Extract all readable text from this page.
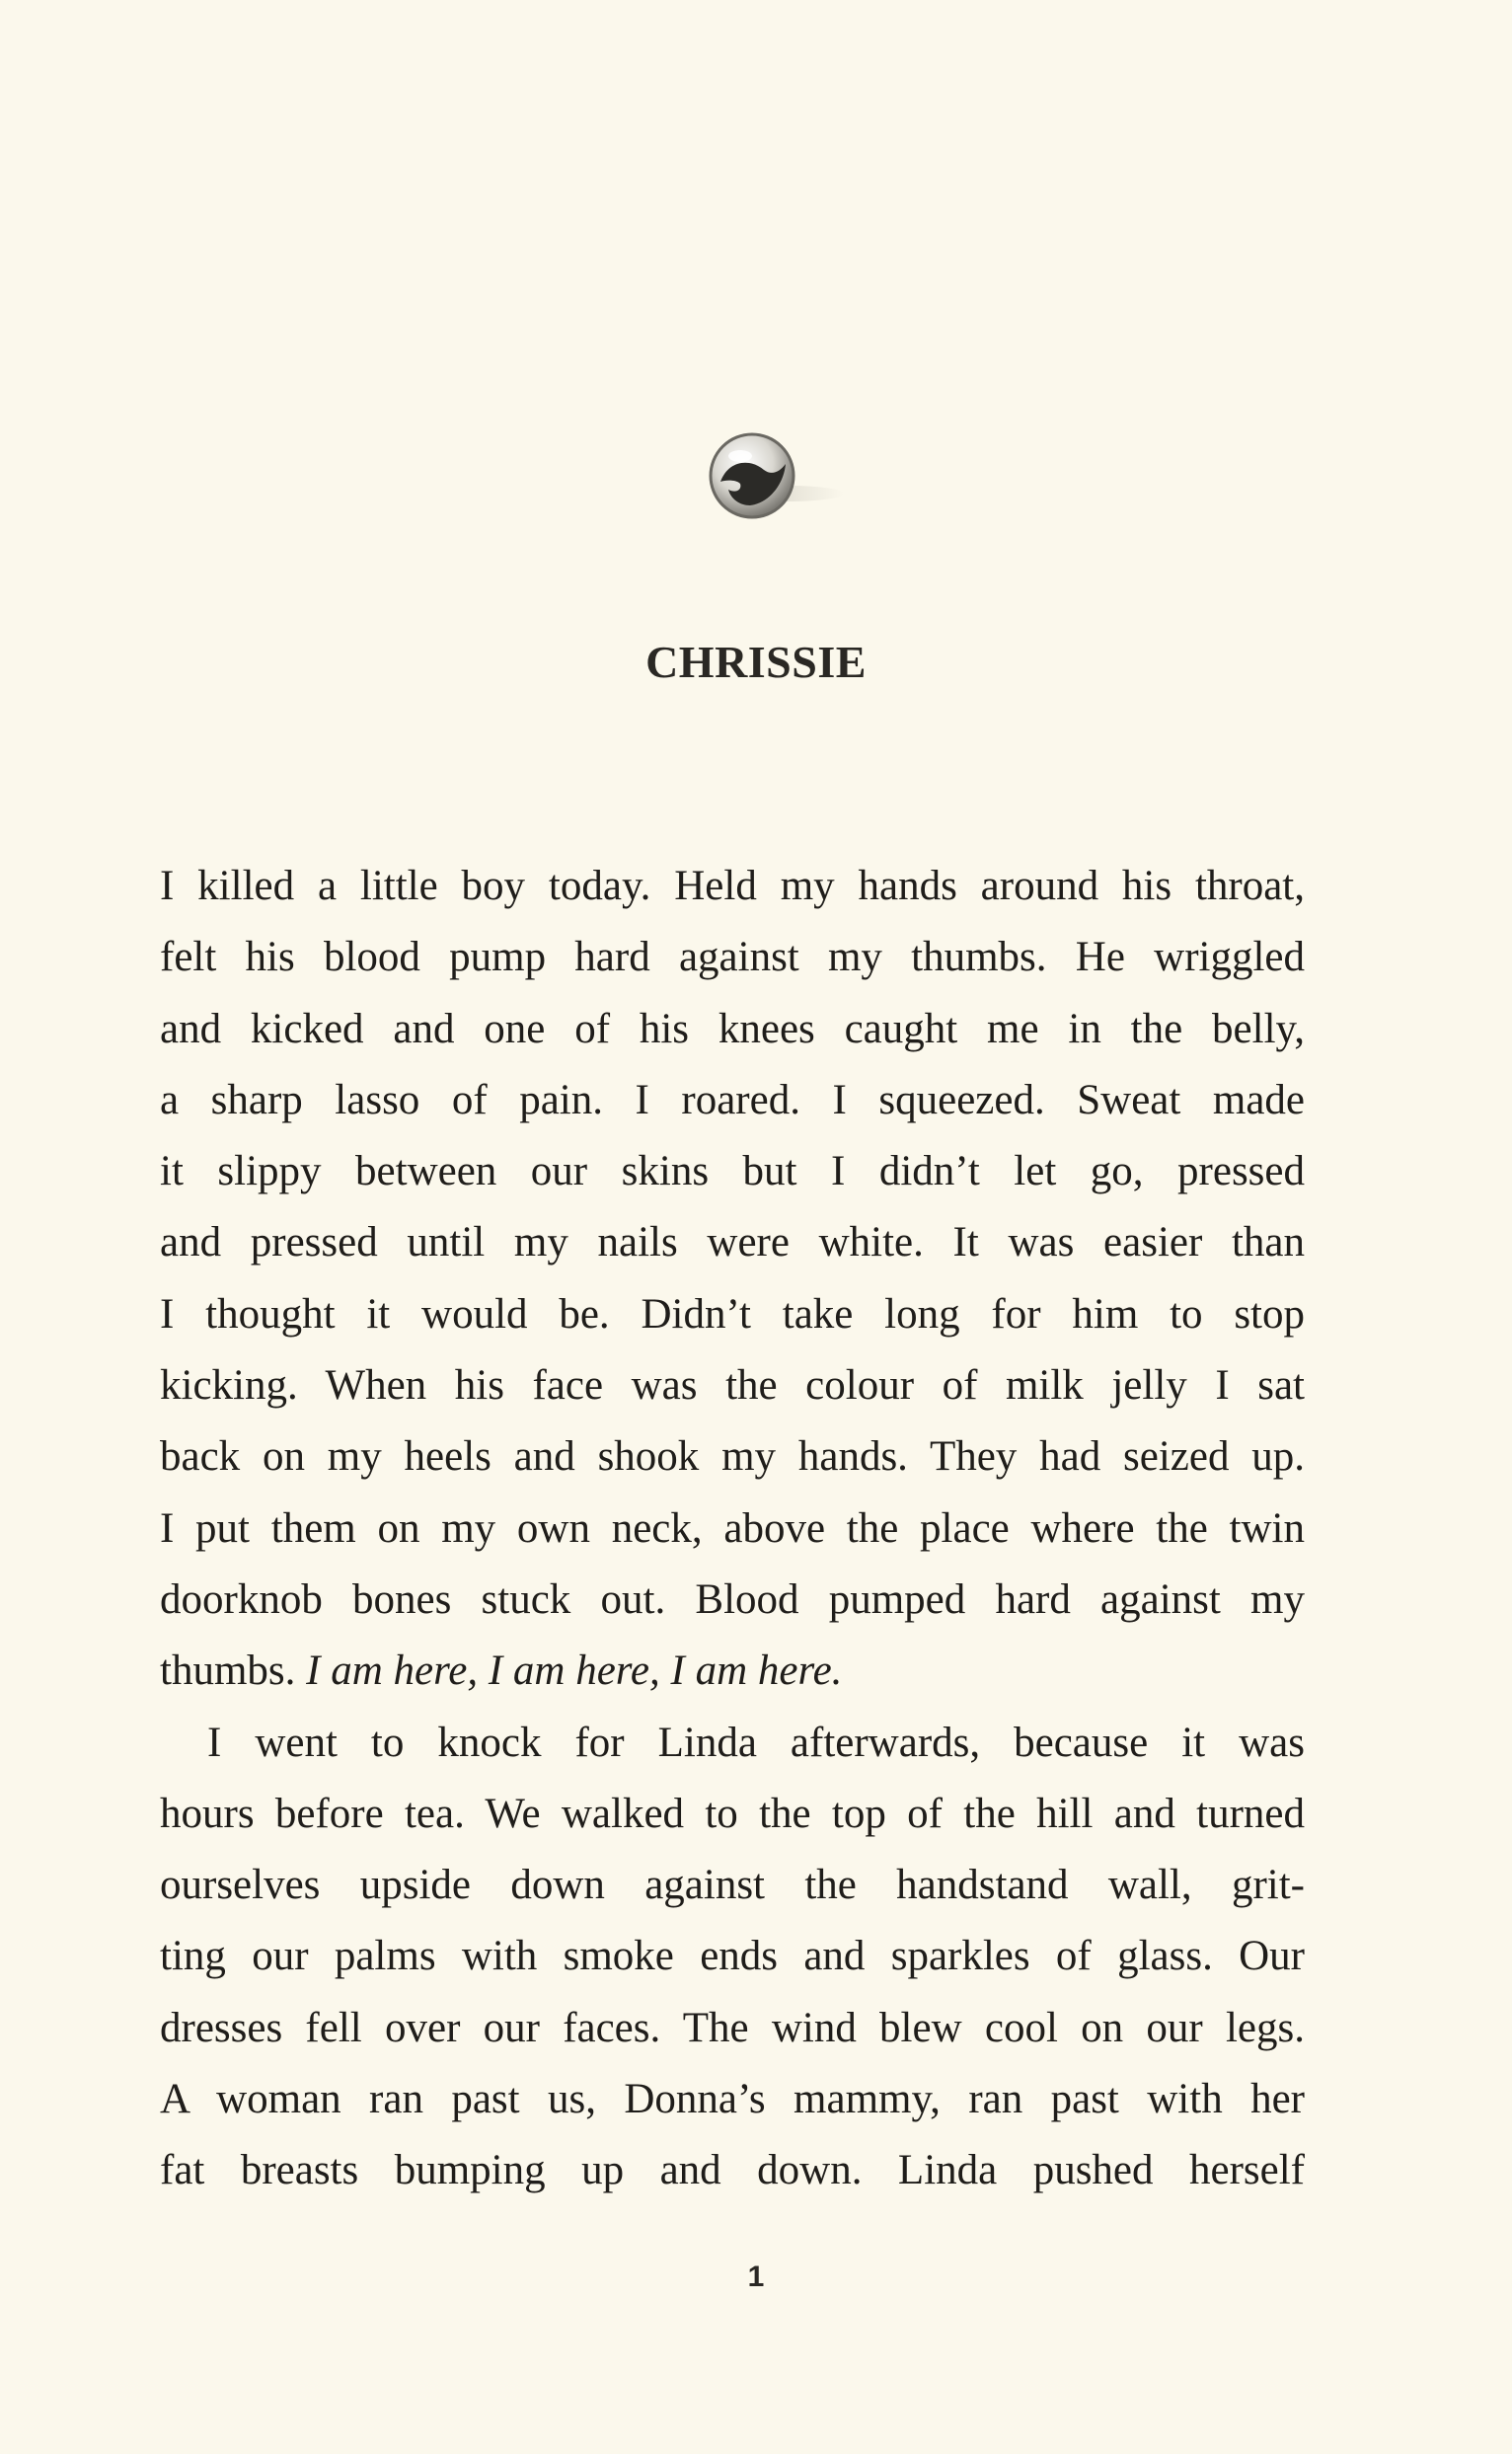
CHRISSIE
I killed a little boy today. Held my hands around his throat,
felt his blood pump hard against my thumbs. He wriggled
and kicked and one of his knees caught me in the belly,
a sharp lasso of pain. I roared. I squeezed. Sweat made
it slippy between our skins but I didn’t let go, pressed
and pressed until my nails were white. It was easier than
I thought it would be. Didn’t take long for him to stop
kicking. When his face was the colour of milk jelly I sat
back on my heels and shook my hands. They had seized up.
I put them on my own neck, above the place where the twin
doorknob bones stuck out. Blood pumped hard against my
thumbs. I am here, I am here, I am here.
I went to knock for Linda afterwards, because it was
hours before tea. We walked to the top of the hill and turned
ourselves upside down against the handstand wall, grit-
ting our palms with smoke ends and sparkles of glass. Our
dresses fell over our faces. The wind blew cool on our legs.
A woman ran past us, Donna’s mammy, ran past with her
fat breasts bumping up and down. Linda pushed herself
1
